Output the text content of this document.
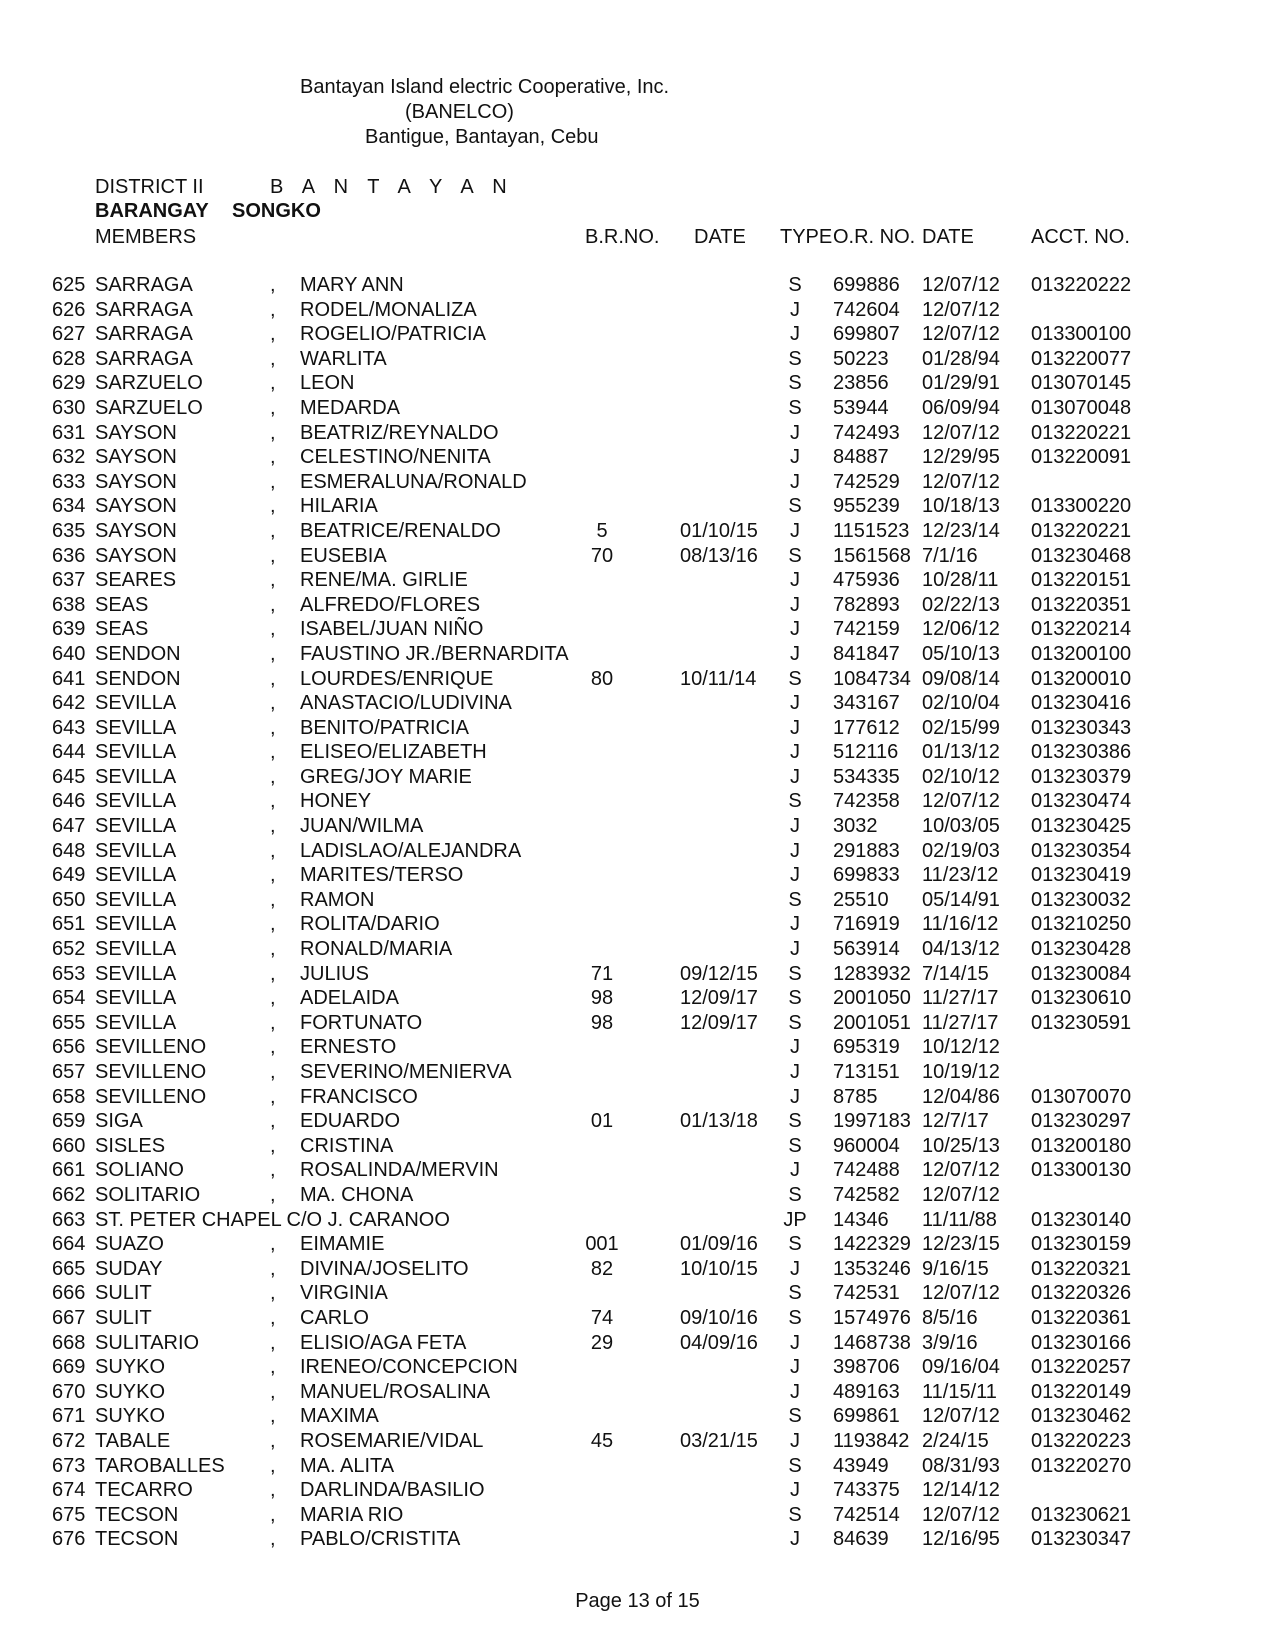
Bantayan Island electric Cooperative, Inc.
(BANELCO)
Bantigue, Bantayan, Cebu
DISTRICT II	B A N T A Y A N
BARANGAY SONGKO
MEMBERS	B.R.NO. DATE TYPE O.R. NO. DATE	ACCT. NO.
625 SARRAGA	, MARY ANN	S	699886 12/07/12 013220222
626 SARRAGA	, RODEL/MONALIZA	J	742604 12/07/12
627 SARRAGA	, ROGELIO/PATRICIA	J	699807 12/07/12 013300100
628 SARRAGA	, WARLITA	S	50223 01/28/94 013220077
629 SARZUELO	, LEON	S	23856 01/29/91 013070145
630 SARZUELO	, MEDARDA	S	53944 06/09/94 013070048
631 SAYSON	, BEATRIZ/REYNALDO	J	742493 12/07/12 013220221
632 SAYSON	, CELESTINO/NENITA	J	84887 12/29/95 013220091
633 SAYSON	, ESMERALUNA/RONALD	J	742529 12/07/12
634 SAYSON	, HILARIA	S	955239 10/18/13 013300220
635 SAYSON	, BEATRICE/RENALDO	5	01/10/15	J	1151523 12/23/14 013220221
636 SAYSON	, EUSEBIA	70	08/13/16	S	1561568 7/1/16	013230468
637 SEARES	, RENE/MA. GIRLIE	J	475936 10/28/11 013220151
638 SEAS	, ALFREDO/FLORES	J	782893 02/22/13 013220351
639 SEAS	, ISABEL/JUAN NIÑO	J	742159 12/06/12 013220214
640 SENDON	, FAUSTINO JR./BERNARDITA	J	841847 05/10/13 013200100
641 SENDON	, LOURDES/ENRIQUE	80	10/11/14	S	1084734 09/08/14 013200010
642 SEVILLA	, ANASTACIO/LUDIVINA	J	343167 02/10/04 013230416
643 SEVILLA	, BENITO/PATRICIA	J	177612 02/15/99 013230343
644 SEVILLA	, ELISEO/ELIZABETH	J	512116 01/13/12 013230386
645 SEVILLA	, GREG/JOY MARIE	J	534335 02/10/12 013230379
646 SEVILLA	, HONEY	S	742358 12/07/12 013230474
647 SEVILLA	, JUAN/WILMA	J	3032 10/03/05 013230425
648 SEVILLA	, LADISLAO/ALEJANDRA	J	291883 02/19/03 013230354
649 SEVILLA	, MARITES/TERSO	J	699833 11/23/12 013230419
650 SEVILLA	, RAMON	S	25510 05/14/91 013230032
651 SEVILLA	, ROLITA/DARIO	J	716919 11/16/12 013210250
652 SEVILLA	, RONALD/MARIA	J	563914 04/13/12 013230428
653 SEVILLA	, JULIUS	71	09/12/15	S	1283932 7/14/15 013230084
654 SEVILLA	, ADELAIDA	98	12/09/17	S	2001050 11/27/17 013230610
655 SEVILLA	, FORTUNATO	98	12/09/17	S	2001051 11/27/17 013230591
656 SEVILLENO	, ERNESTO	J	695319 10/12/12
657 SEVILLENO	, SEVERINO/MENIERVA	J	713151 10/19/12
658 SEVILLENO	, FRANCISCO	J	8785 12/04/86 013070070
659 SIGA	, EDUARDO	01	01/13/18	S	1997183 12/7/17 013230297
660 SISLES	, CRISTINA	S	960004 10/25/13 013200180
661 SOLIANO	, ROSALINDA/MERVIN	J	742488 12/07/12 013300130
662 SOLITARIO	, MA. CHONA	S	742582 12/07/12
663 ST. PETER CHAPEL C/O J. CARANOO	JP 14346 11/11/88 013230140
664 SUAZO	, EIMAMIE	001	01/09/16	S	1422329 12/23/15 013230159
665 SUDAY	, DIVINA/JOSELITO	82	10/10/15	J	1353246 9/16/15 013220321
666 SULIT	, VIRGINIA	S	742531 12/07/12 013220326
667 SULIT	, CARLO	74	09/10/16	S	1574976 8/5/16	013220361
668 SULITARIO	, ELISIO/AGA FETA	29	04/09/16	J	1468738 3/9/16	013230166
669 SUYKO	, IRENEO/CONCEPCION	J	398706 09/16/04 013220257
670 SUYKO	, MANUEL/ROSALINA	J	489163 11/15/11 013220149
671 SUYKO	, MAXIMA	S	699861 12/07/12 013230462
672 TABALE	, ROSEMARIE/VIDAL	45	03/21/15	J	1193842 2/24/15 013220223
673 TAROBALLES , MA. ALITA	S	43949 08/31/93 013220270
674 TECARRO	, DARLINDA/BASILIO	J	743375 12/14/12
675 TECSON	, MARIA RIO	S	742514 12/07/12 013230621
676 TECSON	, PABLO/CRISTITA	J	84639 12/16/95 013230347
Page 13 of 15
